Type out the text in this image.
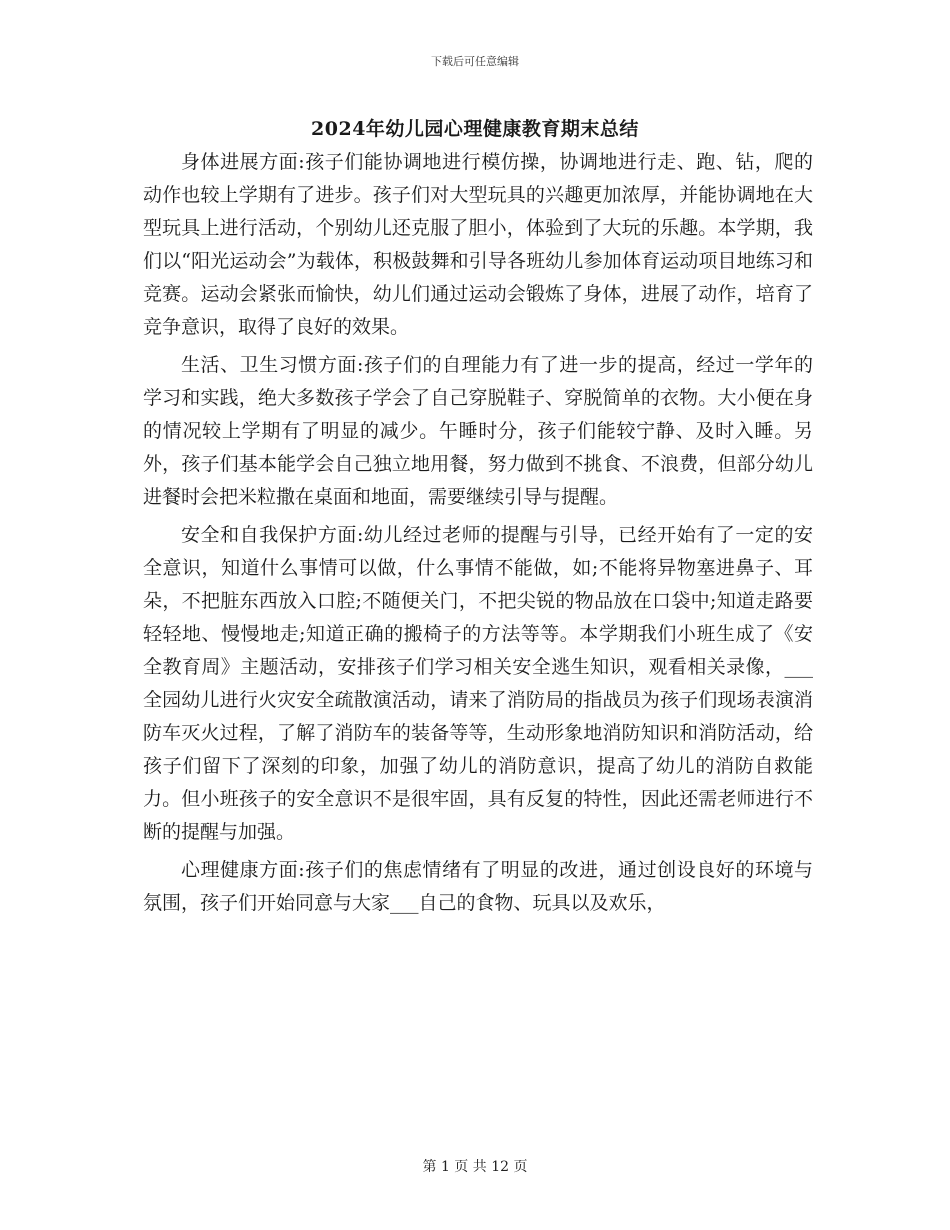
下载后可任意编辑
2024年幼儿园心理健康教育期末总结

身体进展方面:孩子们能协调地进行模仿操，协调地进行走、跑、钻，爬的动作也较上学期有了进步。孩子们对大型玩具的兴趣更加浓厚，并能协调地在大型玩具上进行活动，个别幼儿还克服了胆小，体验到了大玩的乐趣。本学期，我们以“阳光运动会”为载体，积极鼓舞和引导各班幼儿参加体育运动项目地练习和竞赛。运动会紧张而愉快，幼儿们通过运动会锻炼了身体，进展了动作，培育了竞争意识，取得了良好的效果。

生活、卫生习惯方面:孩子们的自理能力有了进一步的提高，经过一学年的学习和实践，绝大多数孩子学会了自己穿脱鞋子、穿脱简单的衣物。大小便在身的情况较上学期有了明显的减少。午睡时分，孩子们能较宁静、及时入睡。另外，孩子们基本能学会自己独立地用餐，努力做到不挑食、不浪费，但部分幼儿进餐时会把米粒撒在桌面和地面，需要继续引导与提醒。

安全和自我保护方面:幼儿经过老师的提醒与引导，已经开始有了一定的安全意识，知道什么事情可以做，什么事情不能做，如;不能将异物塞进鼻子、耳朵，不把脏东西放入口腔;不随便关门，不把尖锐的物品放在口袋中;知道走路要轻轻地、慢慢地走;知道正确的搬椅子的方法等等。本学期我们小班生成了《安全教育周》主题活动，安排孩子们学习相关安全逃生知识，观看相关录像，___全园幼儿进行火灾安全疏散演活动，请来了消防局的指战员为孩子们现场表演消防车灭火过程，了解了消防车的装备等等，生动形象地消防知识和消防活动，给孩子们留下了深刻的印象，加强了幼儿的消防意识，提高了幼儿的消防自救能力。但小班孩子的安全意识不是很牢固，具有反复的特性，因此还需老师进行不断的提醒与加强。

心理健康方面:孩子们的焦虑情绪有了明显的改进，通过创设良好的环境与氛围，孩子们开始同意与大家___自己的食物、玩具以及欢乐，

第 1 页 共 12 页
